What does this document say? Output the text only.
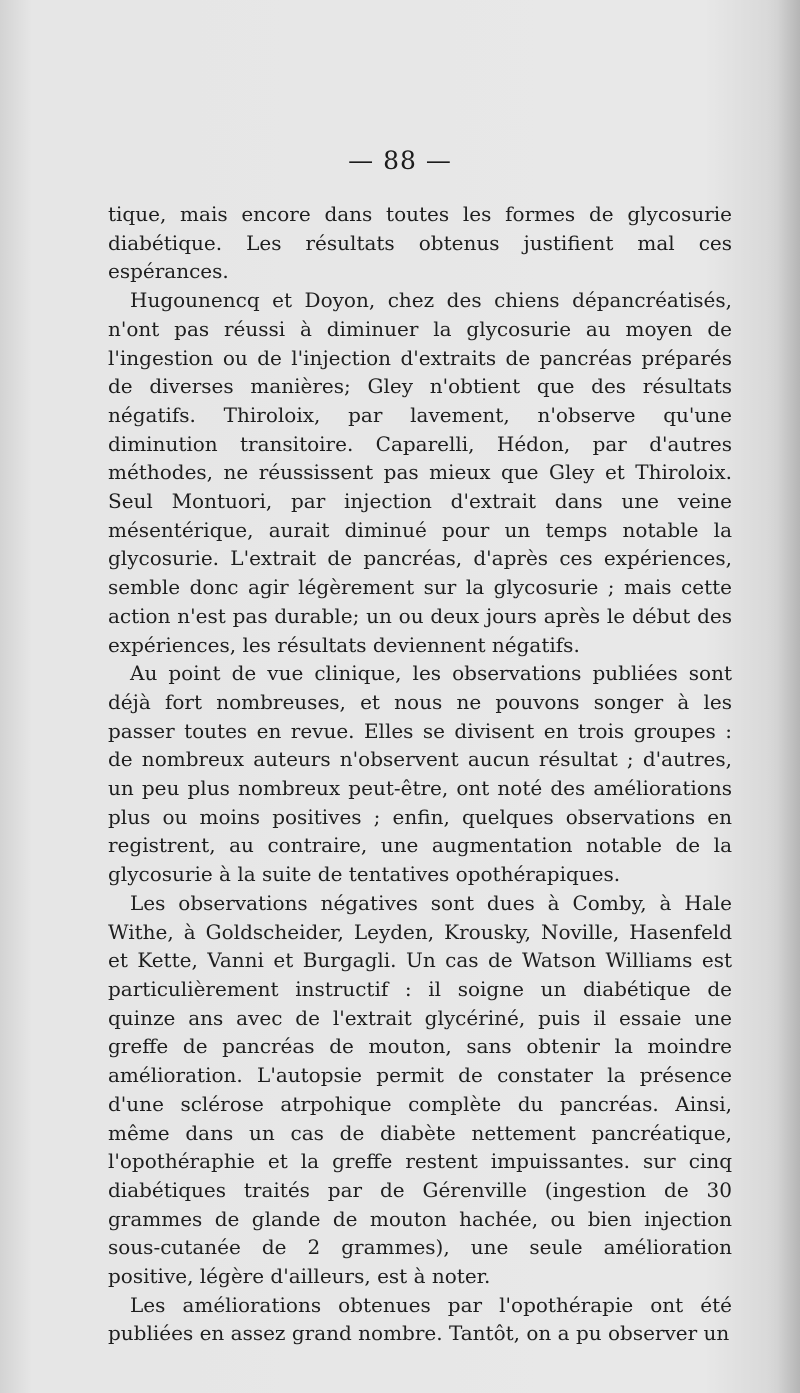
— 88 —

tique, mais encore dans toutes les formes de glycosurie diabétique. Les résultats obtenus justifient mal ces espérances.

Hugounencq et Doyon, chez des chiens dépancréatisés, n'ont pas réussi à diminuer la glycosurie au moyen de l'ingestion ou de l'injection d'extraits de pancréas préparés de diverses manières; Gley n'obtient que des résultats négatifs. Thiroloix, par lavement, n'observe qu'une diminution transitoire. Caparelli, Hédon, par d'autres méthodes, ne réussissent pas mieux que Gley et Thiroloix. Seul Montuori, par injection d'extrait dans une veine mésentérique, aurait diminué pour un temps notable la glycosurie. L'extrait de pancréas, d'après ces expériences, semble donc agir légèrement sur la glycosurie ; mais cette action n'est pas durable; un ou deux jours après le début des expériences, les résultats deviennent négatifs.

Au point de vue clinique, les observations publiées sont déjà fort nombreuses, et nous ne pouvons songer à les passer toutes en revue. Elles se divisent en trois groupes : de nombreux auteurs n'observent aucun résultat ; d'autres, un peu plus nombreux peut-être, ont noté des améliorations plus ou moins positives ; enfin, quelques observations en registrent, au contraire, une augmentation notable de la glycosurie à la suite de tentatives opothérapiques.

Les observations négatives sont dues à Comby, à Hale Withe, à Goldscheider, Leyden, Krousky, Noville, Hasenfeld et Kette, Vanni et Burgagli. Un cas de Watson Williams est particulièrement instructif : il soigne un diabétique de quinze ans avec de l'extrait glycériné, puis il essaie une greffe de pancréas de mouton, sans obtenir la moindre amélioration. L'autopsie permit de constater la présence d'une sclérose atrpohique complète du pancréas. Ainsi, même dans un cas de diabète nettement pancréatique, l'opothéraphie et la greffe restent impuissantes. sur cinq diabétiques traités par de Gérenville (ingestion de 30 grammes de glande de mouton hachée, ou bien injection sous-cutanée de 2 grammes), une seule amélioration positive, légère d'ailleurs, est à noter.

Les améliorations obtenues par l'opothérapie ont été publiées en assez grand nombre. Tantôt, on a pu observer un
